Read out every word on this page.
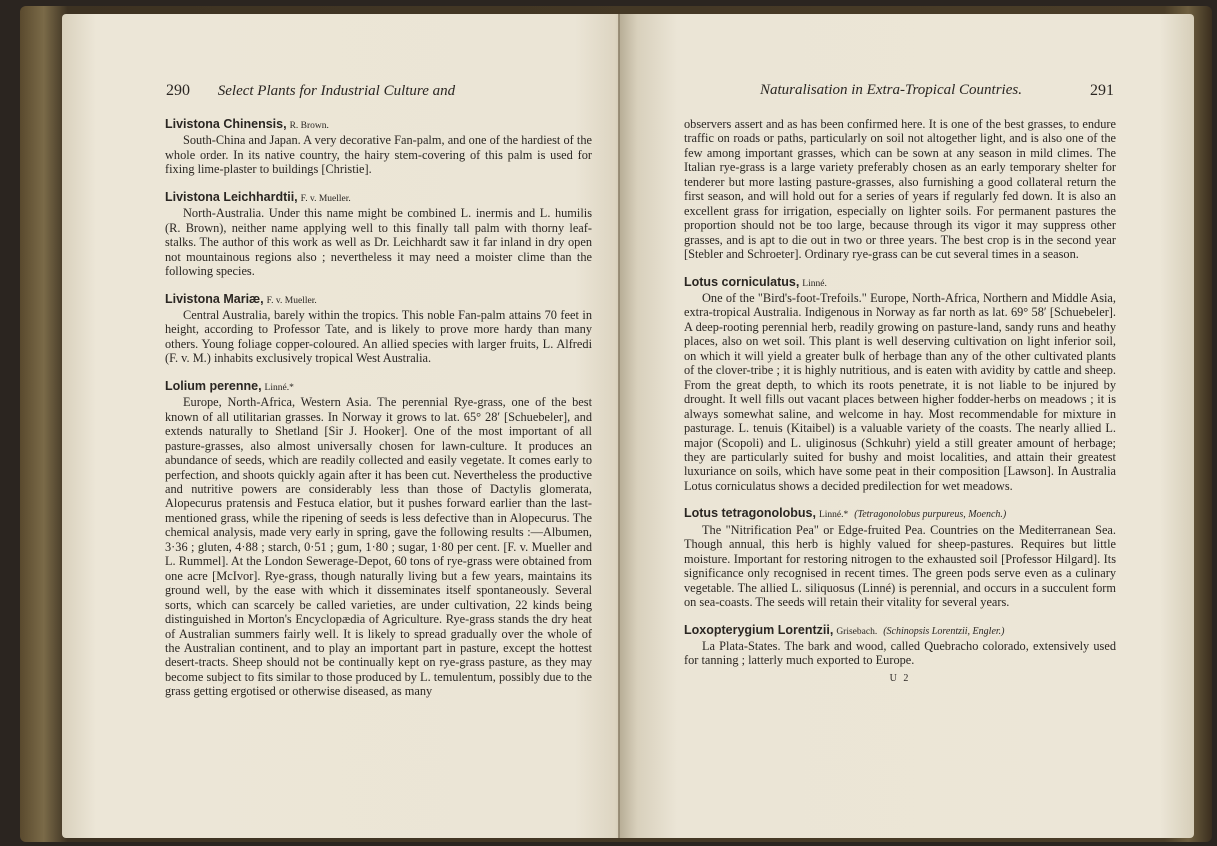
290 Select Plants for Industrial Culture and
Livistona Chinensis, R. Brown.

South-China and Japan. A very decorative Fan-palm, and one of the hardiest of the whole order. In its native country, the hairy stem-covering of this palm is used for fixing lime-plaster to buildings [Christie].

Livistona Leichhardtii, F. v. Mueller.

North-Australia. Under this name might be combined L. inermis and L. humilis (R. Brown), neither name applying well to this finally tall palm with thorny leaf-stalks. The author of this work as well as Dr. Leichhardt saw it far inland in dry open not mountainous regions also ; nevertheless it may need a moister clime than the following species.

Livistona Mariæ, F. v. Mueller.

Central Australia, barely within the tropics. This noble Fan-palm attains 70 feet in height, according to Professor Tate, and is likely to prove more hardy than many others. Young foliage copper-coloured. An allied species with larger fruits, L. Alfredi (F. v. M.) inhabits exclusively tropical West Australia.

Lolium perenne, Linné.*

Europe, North-Africa, Western Asia. The perennial Rye-grass, one of the best known of all utilitarian grasses. In Norway it grows to lat. 65° 28′ [Schuebeler], and extends naturally to Shetland [Sir J. Hooker]. One of the most important of all pasture-grasses, also almost universally chosen for lawn-culture. It produces an abundance of seeds, which are readily collected and easily vegetate. It comes early to perfection, and shoots quickly again after it has been cut. Nevertheless the productive and nutritive powers are considerably less than those of Dactylis glomerata, Alopecurus pratensis and Festuca elatior, but it pushes forward earlier than the last-mentioned grass, while the ripening of seeds is less defective than in Alopecurus. The chemical analysis, made very early in spring, gave the following results :—Albumen, 3·36 ; gluten, 4·88 ; starch, 0·51 ; gum, 1·80 ; sugar, 1·80 per cent. [F. v. Mueller and L. Rummel]. At the London Sewerage-Depot, 60 tons of rye-grass were obtained from one acre [McIvor]. Rye-grass, though naturally living but a few years, maintains its ground well, by the ease with which it disseminates itself spontaneously. Several sorts, which can scarcely be called varieties, are under cultivation, 22 kinds being distinguished in Morton's Encyclopædia of Agriculture. Rye-grass stands the dry heat of Australian summers fairly well. It is likely to spread gradually over the whole of the Australian continent, and to play an important part in pasture, except the hottest desert-tracts. Sheep should not be continually kept on rye-grass pasture, as they may become subject to fits similar to those produced by L. temulentum, possibly due to the grass getting ergotised or otherwise diseased, as many

Naturalisation in Extra-Tropical Countries.	291

observers assert and as has been confirmed here. It is one of the best grasses, to endure traffic on roads or paths, particularly on soil not altogether light, and is also one of the few among important grasses, which can be sown at any season in mild climes. The Italian rye-grass is a large variety preferably chosen as an early temporary shelter for tenderer but more lasting pasture-grasses, also furnishing a good collateral return the first season, and will hold out for a series of years if regularly fed down. It is also an excellent grass for irrigation, especially on lighter soils. For permanent pastures the proportion should not be too large, because through its vigor it may suppress other grasses, and is apt to die out in two or three years. The best crop is in the second year [Stebler and Schroeter]. Ordinary rye-grass can be cut several times in a season.

Lotus corniculatus, Linné.

One of the "Bird's-foot-Trefoils." Europe, North-Africa, Northern and Middle Asia, extra-tropical Australia. Indigenous in Norway as far north as lat. 69° 58′ [Schuebeler]. A deep-rooting perennial herb, readily growing on pasture-land, sandy runs and heathy places, also on wet soil. This plant is well deserving cultivation on light inferior soil, on which it will yield a greater bulk of herbage than any of the other cultivated plants of the clover-tribe ; it is highly nutritious, and is eaten with avidity by cattle and sheep. From the great depth, to which its roots penetrate, it is not liable to be injured by drought. It well fills out vacant places between higher fodder-herbs on meadows ; it is always somewhat saline, and welcome in hay. Most recommendable for mixture in pasturage. L. tenuis (Kitaibel) is a valuable variety of the coasts. The nearly allied L. major (Scopoli) and L. uliginosus (Schkuhr) yield a still greater amount of herbage; they are particularly suited for bushy and moist localities, and attain their greatest luxuriance on soils, which have some peat in their composition [Lawson]. In Australia Lotus corniculatus shows a decided predilection for wet meadows.

Lotus tetragonolobus, Linné.* (Tetragonolobus purpureus, Moench.)

The "Nitrification Pea" or Edge-fruited Pea. Countries on the Mediterranean Sea. Though annual, this herb is highly valued for sheep-pastures. Requires but little moisture. Important for restoring nitrogen to the exhausted soil [Professor Hilgard]. Its significance only recognised in recent times. The green pods serve even as a culinary vegetable. The allied L. siliquosus (Linné) is perennial, and occurs in a succulent form on sea-coasts. The seeds will retain their vitality for several years.

Loxopterygium Lorentzii, Grisebach. (Schinopsis Lorentzii, Engler.)

La Plata-States. The bark and wood, called Quebracho colorado, extensively used for tanning ; latterly much exported to Europe.

U 2
